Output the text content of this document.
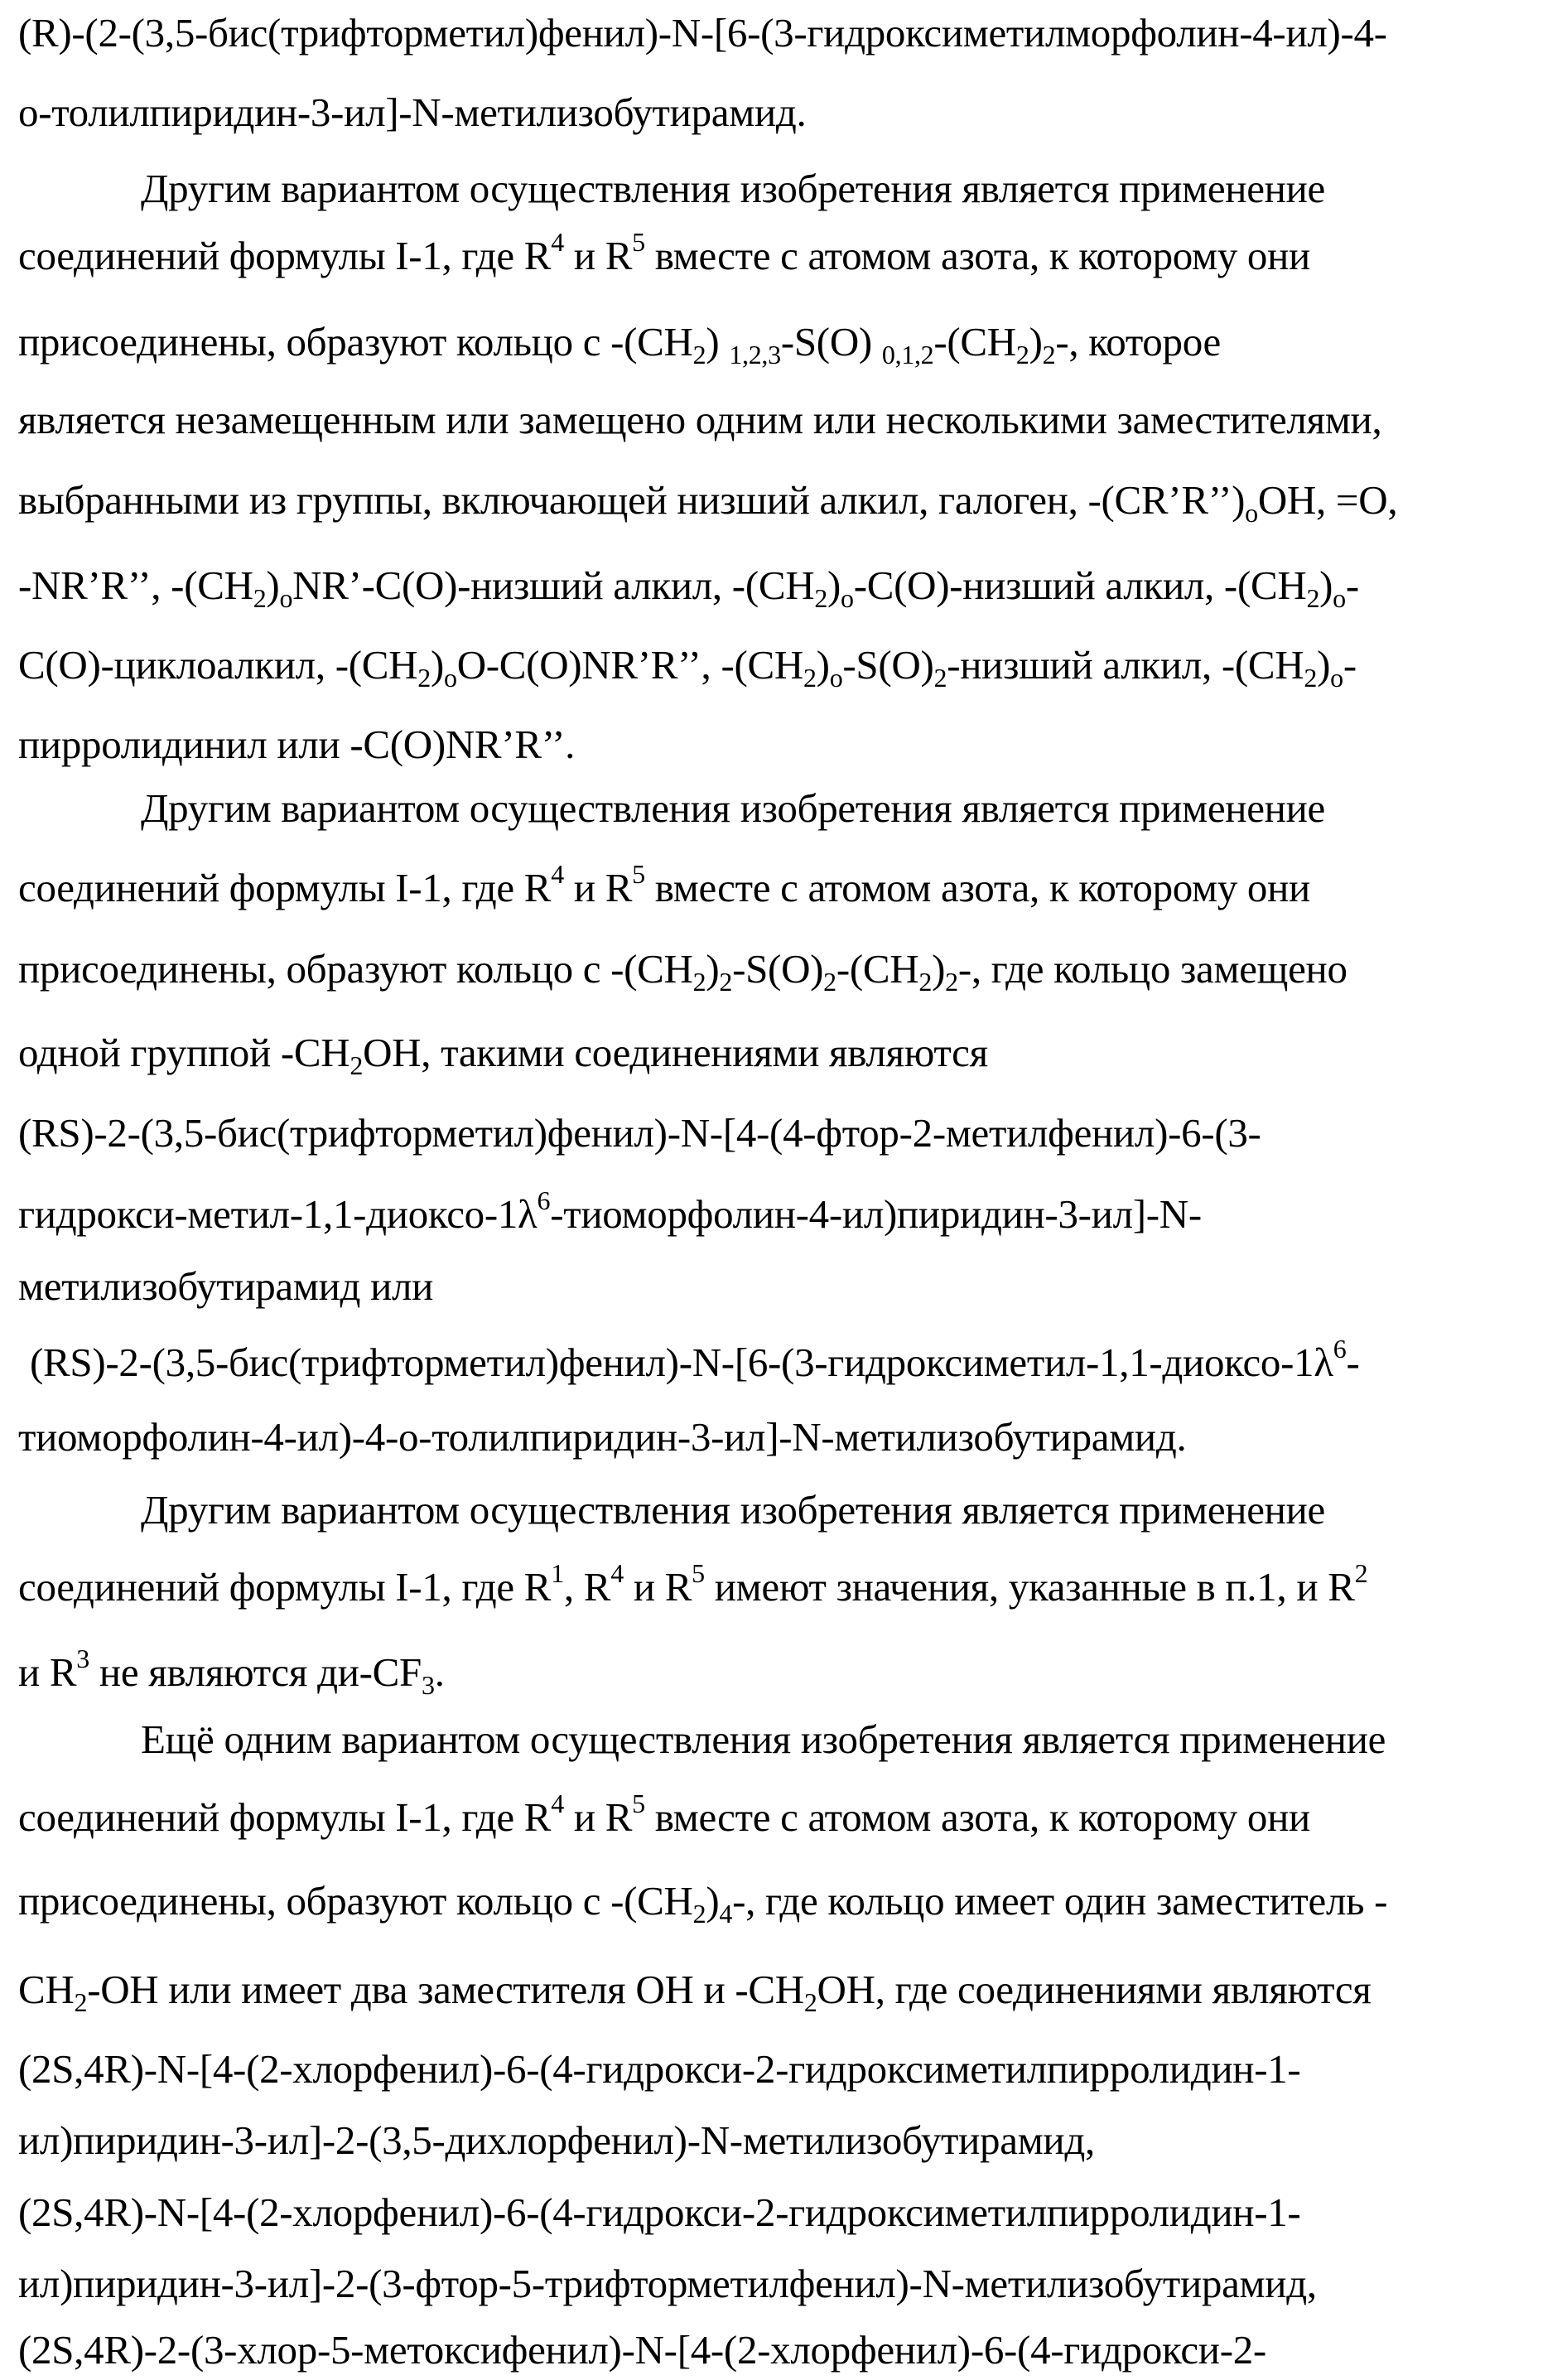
(R)-(2-(3,5-бис(трифторметил)фенил)-N-[6-(3-гидроксиметилморфолин-4-ил)-4-
о-толилпиридин-3-ил]-N-метилизобутирамид.
Другим вариантом осуществления изобретения является применение
соединений формулы I-1, где $R^4$ и $R^5$ вместе с атомом азота, к которому они
присоединены, образуют кольцо с $-(CH_2)$ $_{1,2,3}$-S(O) $_{0,1,2}-(CH_2)_2-$, которое
является незамещенным или замещено одним или несколькими заместителями,
выбранными из группы, включающей низший алкил, галоген, $-(CR’R’’)_oOH$, =O,
-NR’R’’, $-(CH_2)_oNR’-C(O)$-низший алкил, $-(CH_2)_o-C(O)$-низший алкил, $-(CH_2)_o-$
C(O)-циклоалкил, $-(CH_2)_oO-C(O)NR’R$’’, $-(CH_2)_o-S(O)_2$-низший алкил, $-(CH_2)_o-$
пирролидинил или -C(O)NR’R’’.
Другим вариантом осуществления изобретения является применение
соединений формулы I-1, где $R^4$ и $R^5$ вместе с атомом азота, к которому они
присоединены, образуют кольцо с $-(CH_2)_2-S(O)_2-(CH_2)_2-$, где кольцо замещено
одной группой $-CH_2OH$, такими соединениями являются
(RS)-2-(3,5-бис(трифторметил)фенил)-N-[4-(4-фтор-2-метилфенил)-6-(3-
гидрокси-$метил-1,1-диоксо-1\lambda^6-тиоморфолин-4-ил)пиридин-3-ил]-N-$
метилизобутирамид или
$(RS)-2-(3,5-бис(трифторметил)фенил)-N-[6-(3-гидроксиметил-1,1-диоксо-1\lambda^6-$
тиоморфолин-4-ил)-4-о-толилпиридин-3-ил]-N-метилизобутирамид.
Другим вариантом осуществления изобретения является применение
соединений формулы I-1, где $R^1$, $R^4$ и $R^5$ имеют значения, указанные в п.1, и $R^2$
и $R^3$ не являются $ди-CF_3$.
Ещё одним вариантом осуществления изобретения является применение
соединений формулы I-1, где $R^4$ и $R^5$ вместе с атомом азота, к которому они
присоединены, образуют кольцо с $-(CH_2)_4-$, где кольцо имеет один заместитель -
$CH_2-OH$ или имеет два заместителя OH и $-CH_2OH$, где соединениями являются
(2S,4R)-N-[4-(2-хлорфенил)-6-(4-гидрокси-2-гидроксиметилпирролидин-1-
ил)пиридин-3-ил]-2-(3,5-дихлорфенил)-N-метилизобутирамид,
(2S,4R)-N-[4-(2-хлорфенил)-6-(4-гидрокси-2-гидроксиметилпирролидин-1-
ил)пиридин-3-ил]-2-(3-фтор-5-трифторметилфенил)-N-метилизобутирамид,
(2S,4R)-2-(3-хлор-5-метоксифенил)-N-[4-(2-хлорфенил)-6-(4-гидрокси-2-
